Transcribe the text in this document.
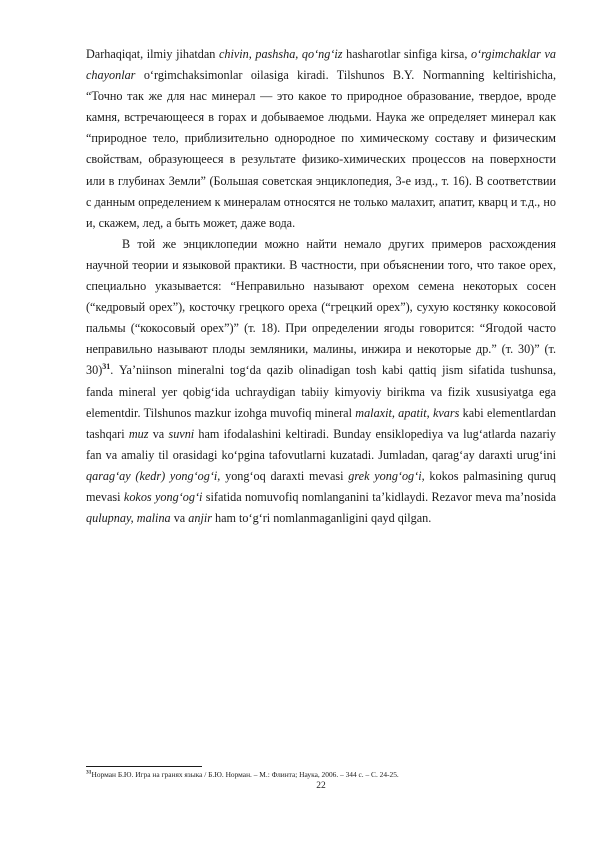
Darhaqiqat, ilmiy jihatdan chivin, pashsha, qo‘ng‘iz hasharotlar sinfiga kirsa, o‘rgimchaklar va chayonlar o‘rgimchaksimonlar oilasiga kiradi. Tilshunos B.Y. Normanning keltirishicha, “Точно так же для нас минерал — это какое то природное образование, твердое, вроде камня, встречающееся в горах и добываемое людьми. Наука же определяет минерал как “природное тело, приблизительно однородное по химическому составу и физическим свойствам, образующееся в результате физико-химических процессов на поверхности или в глубинах Земли” (Большая советская энциклопедия, 3-е изд., т. 16). В соответствии с данным определением к минералам относятся не только малахит, апатит, кварц и т.д., но и, скажем, лед, а быть может, даже вода.

В той же энциклопедии можно найти немало других примеров расхождения научной теории и языковой практики. В частности, при объяснении того, что такое орех, специально указывается: “Неправильно называют орехом семена некоторых сосен (“кедровый орех”), косточку грецкого ореха (“грецкий орех”), сухую костянку кокосовой пальмы (“кокосовый орех”)” (т. 18). При определении ягоды говорится: “Ягодой часто неправильно называют плоды земляники, малины, инжира и некоторые др.” (т. 30)” (т. 30)$^{31}$. Ya’niinson mineralni tog‘da qazib olinadigan tosh kabi qattiq jism sifatida tushunsa, fanda mineral yer qobig‘ida uchraydigan tabiiy kimyoviy birikma va fizik xususiyatga ega elementdir. Tilshunos mazkur izohga muvofiq mineral malaxit, apatit, kvars kabi elementlardan tashqari muz va suvni ham ifodalashini keltiradi. Bunday ensiklopediya va lug‘atlarda nazariy fan va amaliy til orasidagi ko‘pgina tafovutlarni kuzatadi. Jumladan, qarag‘ay daraxti urug‘ini qarag‘ay (kedr) yong‘og‘i, yong‘oq daraxti mevasi grek yong‘og‘i, kokos palmasining quruq mevasi kokos yong‘og‘i sifatida nomuvofiq nomlanganini ta’kidlaydi. Rezavor meva ma’nosida qulupnay, malina va anjir ham to‘g‘ri nomlanmaganligini qayd qilgan.

$^{31}$Норман Б.Ю. Игра на гранях языка / Б.Ю. Норман. – М.: Флинта; Наука, 2006. – 344 с. – С. 24-25.
22
